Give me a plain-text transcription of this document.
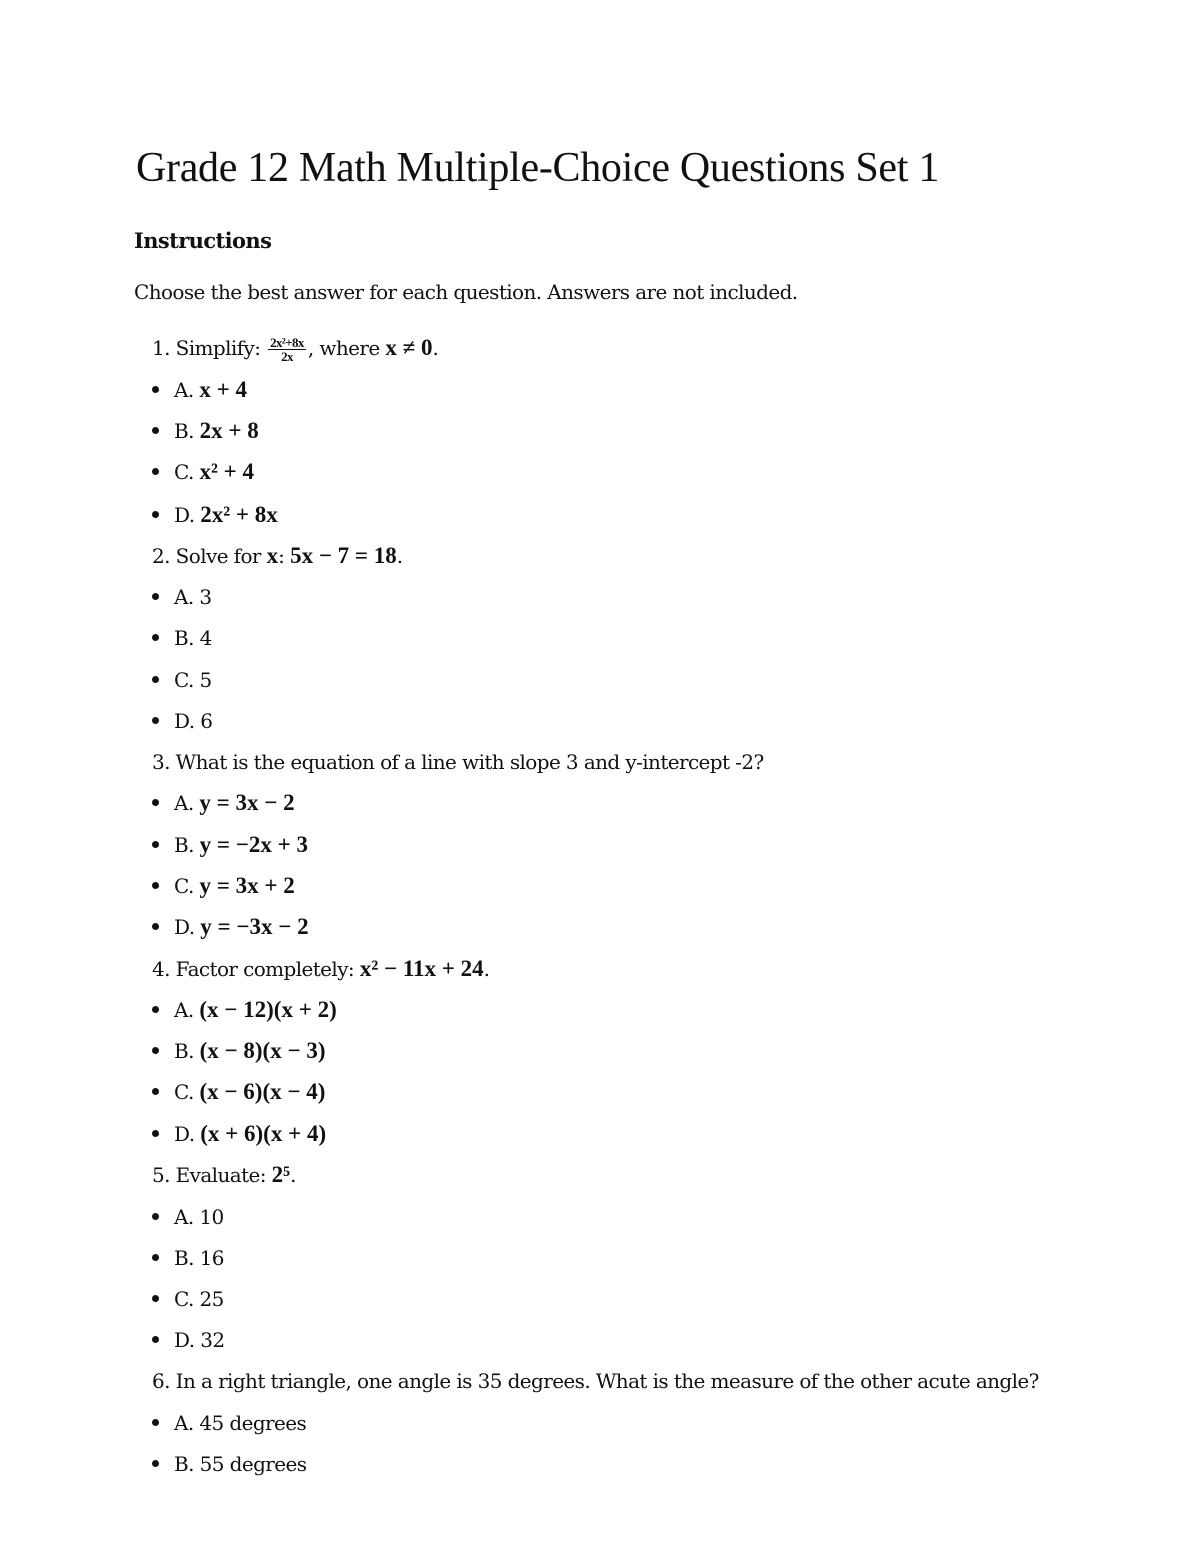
Grade 12 Math Multiple-Choice Questions Set 1
Instructions

Choose the best answer for each question. Answers are not included.

1. Simplify: $\frac{\text{2x²+8x}}{2x}$ , where x ≠ 0.
A. x + 4
B. 2x + 8
C. x² + 4
D. 2x² + 8x
2. Solve for x: 5x − 7 = 18.
A. 3
B. 4
C. 5
D. 6
3. What is the equation of a line with slope 3 and y-intercept -2?
A. y = 3x − 2
B. y = −2x + 3
C. y = 3x + 2
D. y = −3x − 2
4. Factor completely: x² − 11x + 24.
A. (x − 12)(x + 2)
B. (x − 8)(x − 3)
C. (x − 6)(x − 4)
D. (x + 6)(x + 4)
5. Evaluate: 2⁵.
A. 10
B. 16
C. 25
D. 32
6. In a right triangle, one angle is 35 degrees. What is the measure of the other acute angle?
A. 45 degrees
B. 55 degrees
